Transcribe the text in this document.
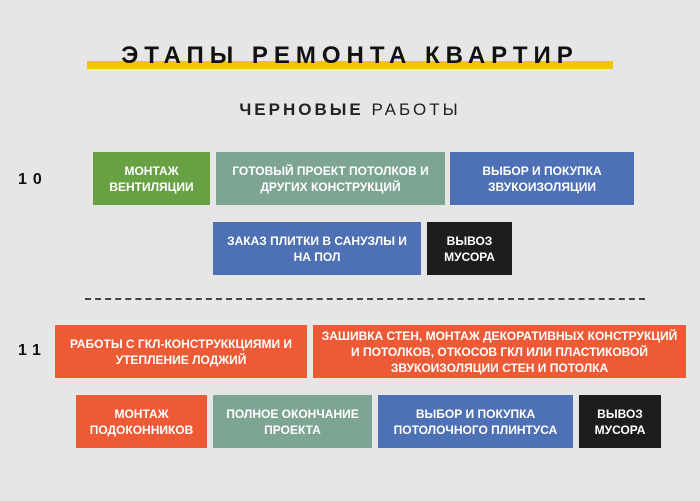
ЭТАПЫ РЕМОНТА КВАРТИР
ЧЕРНОВЫЕ РАБОТЫ
10
МОНТАЖ ВЕНТИЛЯЦИИ
ГОТОВЫЙ ПРОЕКТ ПОТОЛКОВ И ДРУГИХ КОНСТРУКЦИЙ
ВЫБОР И ПОКУПКА ЗВУКОИЗОЛЯЦИИ
ЗАКАЗ ПЛИТКИ В САНУЗЛЫ И НА ПОЛ
ВЫВОЗ МУСОРА
11	РАБОТЫ С ГКЛ-КОНСТРУККЦИЯМИ И УТЕПЛЕНИЕ ЛОДЖИЙ
ЗАШИВКА СТЕН, МОНТАЖ ДЕКОРАТИВНЫХ КОНСТРУКЦИЙ И ПОТОЛКОВ, ОТКОСОВ ГКЛ ИЛИ ПЛАСТИКОВОЙ ЗВУКОИЗОЛЯЦИИ СТЕН И ПОТОЛКА
МОНТАЖ ПОДОКОННИКОВ
ПОЛНОЕ ОКОНЧАНИЕ ПРОЕКТА
ВЫБОР И ПОКУПКА ПОТОЛОЧНОГО ПЛИНТУСА
ВЫВОЗ МУСОРА
